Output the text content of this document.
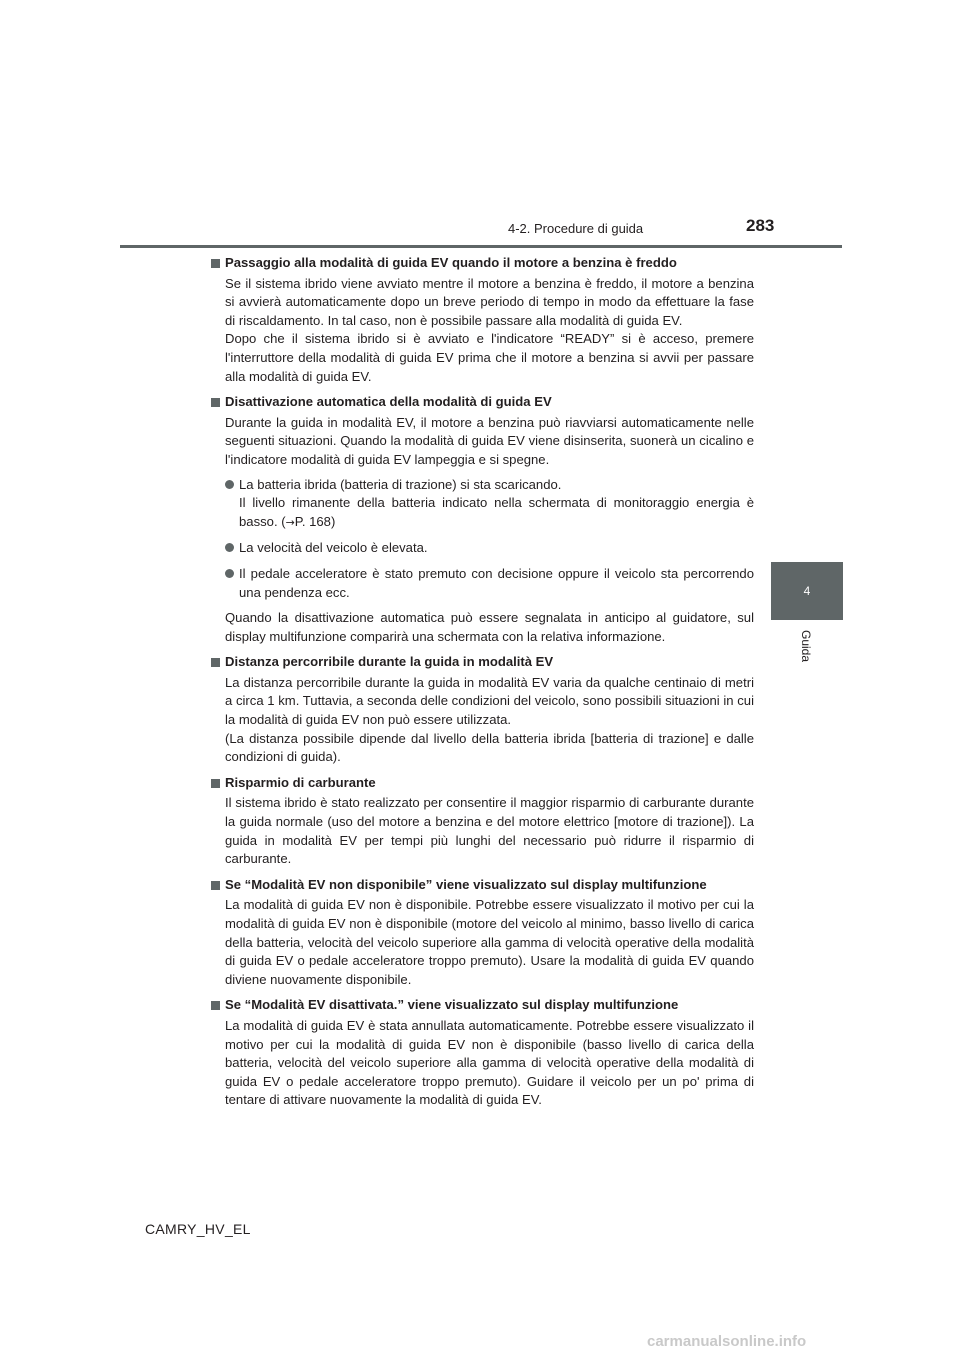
4-2. Procedure di guida	283
4
Guida
Passaggio alla modalità di guida EV quando il motore a benzina è freddo
Se il sistema ibrido viene avviato mentre il motore a benzina è freddo, il motore a benzina si avvierà automaticamente dopo un breve periodo di tempo in modo da effettuare la fase di riscaldamento. In tal caso, non è possibile passare alla modalità di guida EV.
Dopo che il sistema ibrido si è avviato e l'indicatore “READY” si è acceso, premere l'interruttore della modalità di guida EV prima che il motore a benzina si avvii per passare alla modalità di guida EV.
Disattivazione automatica della modalità di guida EV
Durante la guida in modalità EV, il motore a benzina può riavviarsi automaticamente nelle seguenti situazioni. Quando la modalità di guida EV viene disinserita, suonerà un cicalino e l'indicatore modalità di guida EV lampeggia e si spegne.
La batteria ibrida (batteria di trazione) si sta scaricando.
Il livello rimanente della batteria indicato nella schermata di monitoraggio energia è basso. (→P. 168)
La velocità del veicolo è elevata.
Il pedale acceleratore è stato premuto con decisione oppure il veicolo sta percorrendo una pendenza ecc.
Quando la disattivazione automatica può essere segnalata in anticipo al guidatore, sul display multifunzione comparirà una schermata con la relativa informazione.
Distanza percorribile durante la guida in modalità EV
La distanza percorribile durante la guida in modalità EV varia da qualche centinaio di metri a circa 1 km. Tuttavia, a seconda delle condizioni del veicolo, sono possibili situazioni in cui la modalità di guida EV non può essere utilizzata.
(La distanza possibile dipende dal livello della batteria ibrida [batteria di trazione] e dalle condizioni di guida).
Risparmio di carburante
Il sistema ibrido è stato realizzato per consentire il maggior risparmio di carburante durante la guida normale (uso del motore a benzina e del motore elettrico [motore di trazione]). La guida in modalità EV per tempi più lunghi del necessario può ridurre il risparmio di carburante.
Se “Modalità EV non disponibile” viene visualizzato sul display multifunzione
La modalità di guida EV non è disponibile. Potrebbe essere visualizzato il motivo per cui la modalità di guida EV non è disponibile (motore del veicolo al minimo, basso livello di carica della batteria, velocità del veicolo superiore alla gamma di velocità operative della modalità di guida EV o pedale acceleratore troppo premuto). Usare la modalità di guida EV quando diviene nuovamente disponibile.
Se “Modalità EV disattivata.” viene visualizzato sul display multifunzione
La modalità di guida EV è stata annullata automaticamente. Potrebbe essere visualizzato il motivo per cui la modalità di guida EV non è disponibile (basso livello di carica della batteria, velocità del veicolo superiore alla gamma di velocità operative della modalità di guida EV o pedale acceleratore troppo premuto). Guidare il veicolo per un po' prima di tentare di attivare nuovamente la modalità di guida EV.
CAMRY_HV_EL
carmanualsonline.info
